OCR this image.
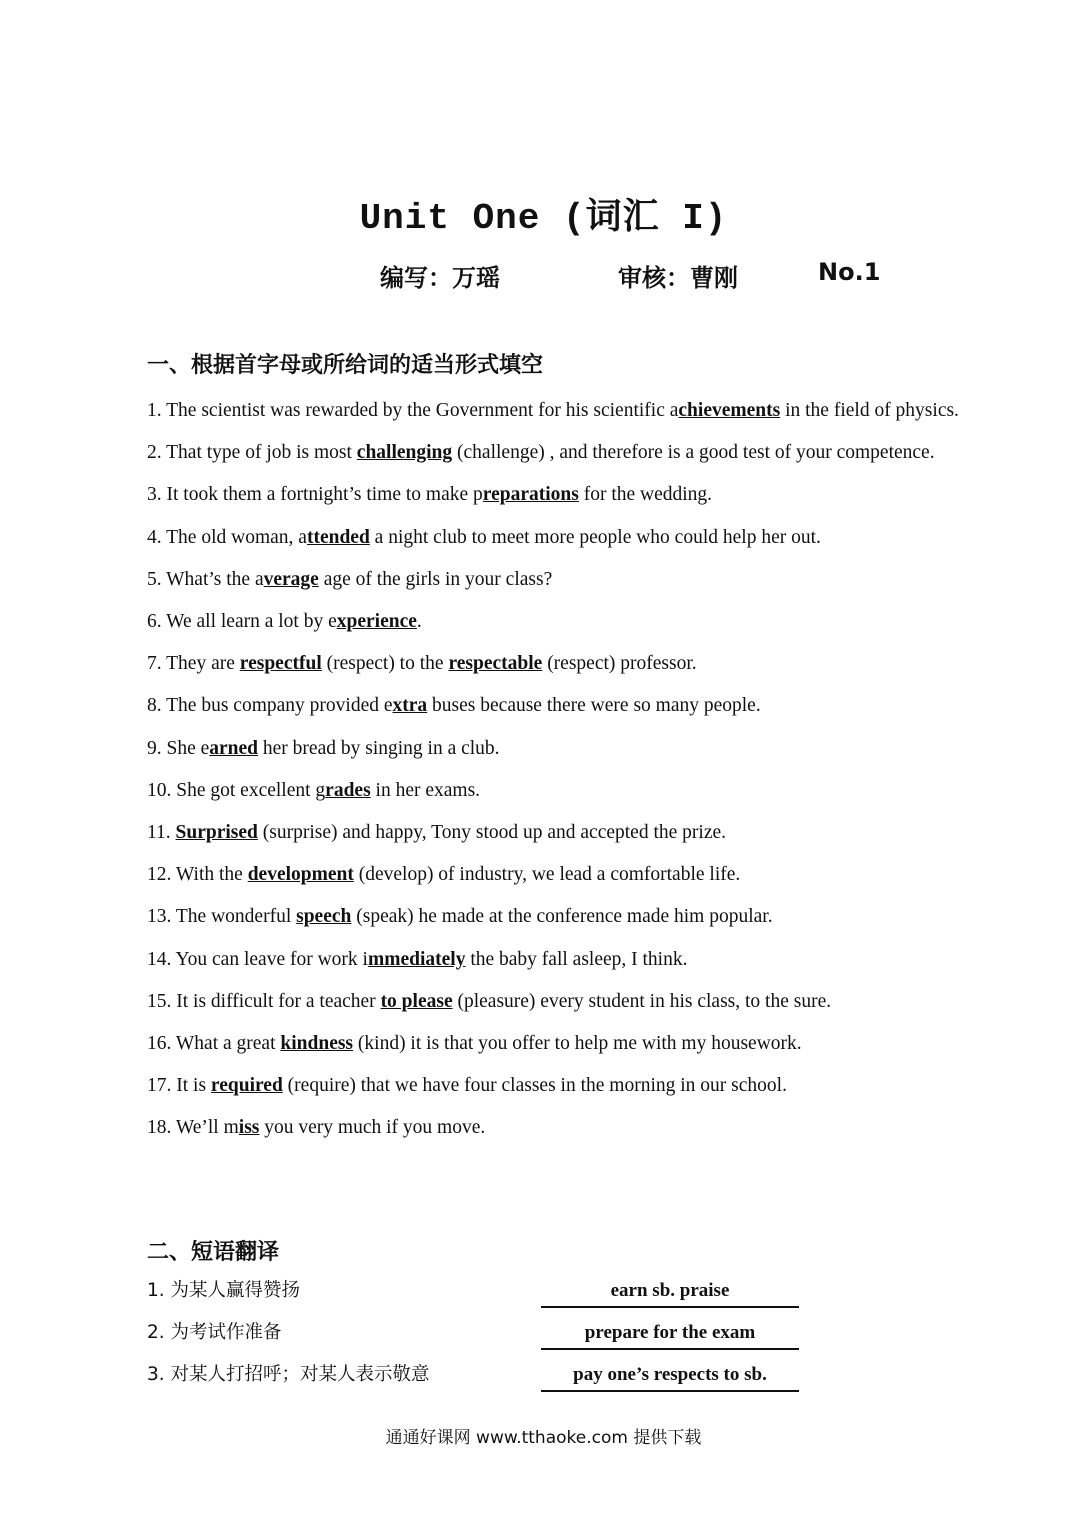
Unit One (词汇 I)
编写：万瑶	审核：曹刚	No.1
一、根据首字母或所给词的适当形式填空
1. The scientist was rewarded by the Government for his scientific achievements in the field of physics.
2. That type of job is most challenging (challenge) , and therefore is a good test of your competence.
3. It took them a fortnight’s time to make preparations for the wedding.
4. The old woman, attended a night club to meet more people who could help her out.
5. What’s the average age of the girls in your class?
6. We all learn a lot by experience.
7. They are respectful (respect) to the respectable (respect) professor.
8. The bus company provided extra buses because there were so many people.
9. She earned her bread by singing in a club.
10. She got excellent grades in her exams.
11. Surprised (surprise) and happy, Tony stood up and accepted the prize.
12. With the development (develop) of industry, we lead a comfortable life.
13. The wonderful speech (speak) he made at the conference made him popular.
14. You can leave for work immediately the baby fall asleep, I think.
15. It is difficult for a teacher to please (pleasure) every student in his class, to the sure.
16. What a great kindness (kind) it is that you offer to help me with my housework.
17. It is required (require) that we have four classes in the morning in our school.
18. We’ll miss you very much if you move.
二、短语翻译
1. 为某人赢得赞扬	earn sb. praise
2. 为考试作准备	prepare for the exam
3. 对某人打招呼；对某人表示敬意	pay one’s respects to sb.

通通好课网 www.tthaoke.com 提供下载
